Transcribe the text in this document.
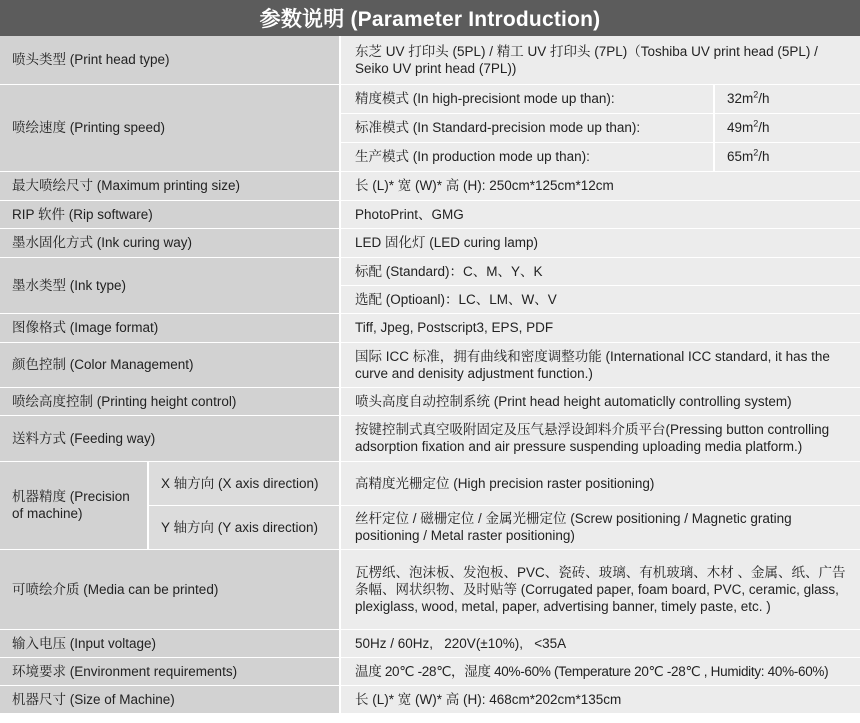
参数说明 (Parameter Introduction)
喷头类型 (Print head type)		东芝 UV 打印头 (5PL) / 精工 UV 打印头 (7PL)（Toshiba UV print head (5PL) / Seiko UV print head (7PL))	
喷绘速度 (Printing speed)		精度模式 (In high-precisiont mode up than):	$32m^2/h$
		标准模式 (In Standard-precision mode up than):	$49m^2/h$
		生产模式 (In production mode up than):	$65m^2/h$
最大喷绘尺寸 (Maximum printing size)		长 (L)* 宽 (W)* 高 (H): 250cm*125cm*12cm	
RIP 软件 (Rip software)		PhotoPrint、GMG	
墨水固化方式 (Ink curing way)		LED 固化灯 (LED curing lamp)	
墨水类型 (Ink type)		标配 (Standard)：C、M、Y、K	
		选配 (Optioanl)：LC、LM、W、V	
图像格式 (Image format)		Tiff, Jpeg, Postscript3, EPS, PDF	
颜色控制 (Color Management)		国际 ICC 标准，拥有曲线和密度调整功能 (International ICC standard, it has the curve and denisity adjustment function.)	
喷绘高度控制 (Printing height control)		喷头高度自动控制系统 (Print head height automaticlly controlling system)	
送料方式 (Feeding way)		按键控制式真空吸附固定及压气悬浮设卸料介质平台(Pressing button controlling adsorption fixation and air pressure suspending uploading media platform.)	
机器精度 (Precision of machine)	X 轴方向 (X axis direction)	高精度光栅定位 (High precision raster positioning)	
	Y 轴方向 (Y axis direction)	丝杆定位 / 磁栅定位 / 金属光栅定位 (Screw positioning / Magnetic grating positioning / Metal raster positioning)	
可喷绘介质 (Media can be printed)		瓦楞纸、泡沫板、发泡板、PVC、瓷砖、玻璃、有机玻璃、木材 、金属、纸、广告条幅、网状织物、及时贴等 (Corrugated paper, foam board, PVC, ceramic, glass, plexiglass, wood, metal, paper, advertising banner, timely paste, etc. )	
输入电压 (Input voltage)		50Hz / 60Hz,   220V(±10%),   <35A	
环境要求 (Environment requirements)		温度 20℃ -28℃，湿度 40%-60% (Temperature 20℃ -28℃ , Humidity: 40%-60%)	
机器尺寸 (Size of Machine)		长 (L)* 宽 (W)* 高 (H): 468cm*202cm*135cm	
